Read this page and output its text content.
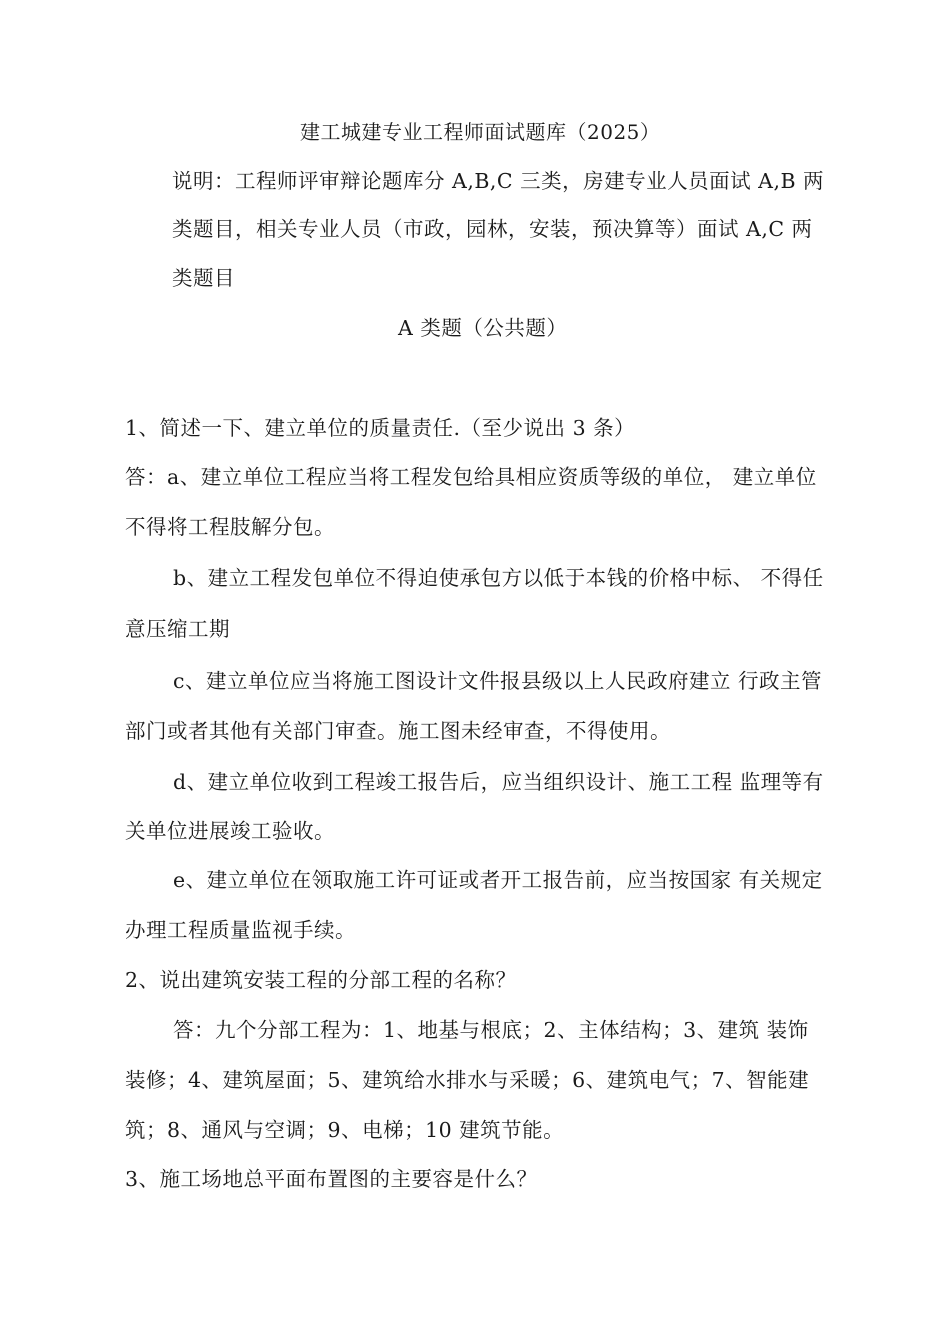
建工城建专业工程师面试题库（2025）
说明：工程师评审辩论题库分 A,B,C 三类，房建专业人员面试 A,B 两
类题目，相关专业人员（市政，园林，安装，预决算等）面试 A,C 两
类题目
A 类题（公共题）
1、简述一下、建立单位的质量责任.（至少说出 3 条）
答：a、建立单位工程应当将工程发包给具相应资质等级的单位， 建立单位
不得将工程肢解分包。
b、建立工程发包单位不得迫使承包方以低于本钱的价格中标、 不得任
意压缩工期
c、建立单位应当将施工图设计文件报县级以上人民政府建立 行政主管
部门或者其他有关部门审查。施工图未经审查，不得使用。
d、建立单位收到工程竣工报告后，应当组织设计、施工工程 监理等有
关单位进展竣工验收。
e、建立单位在领取施工许可证或者开工报告前，应当按国家 有关规定
办理工程质量监视手续。
2、说出建筑安装工程的分部工程的名称？
答：九个分部工程为：1、地基与根底；2、主体结构；3、建筑 装饰
装修；4、建筑屋面；5、建筑给水排水与采暖；6、建筑电气；7、智能建
筑；8、通风与空调；9、电梯；10 建筑节能。
3、施工场地总平面布置图的主要容是什么？
